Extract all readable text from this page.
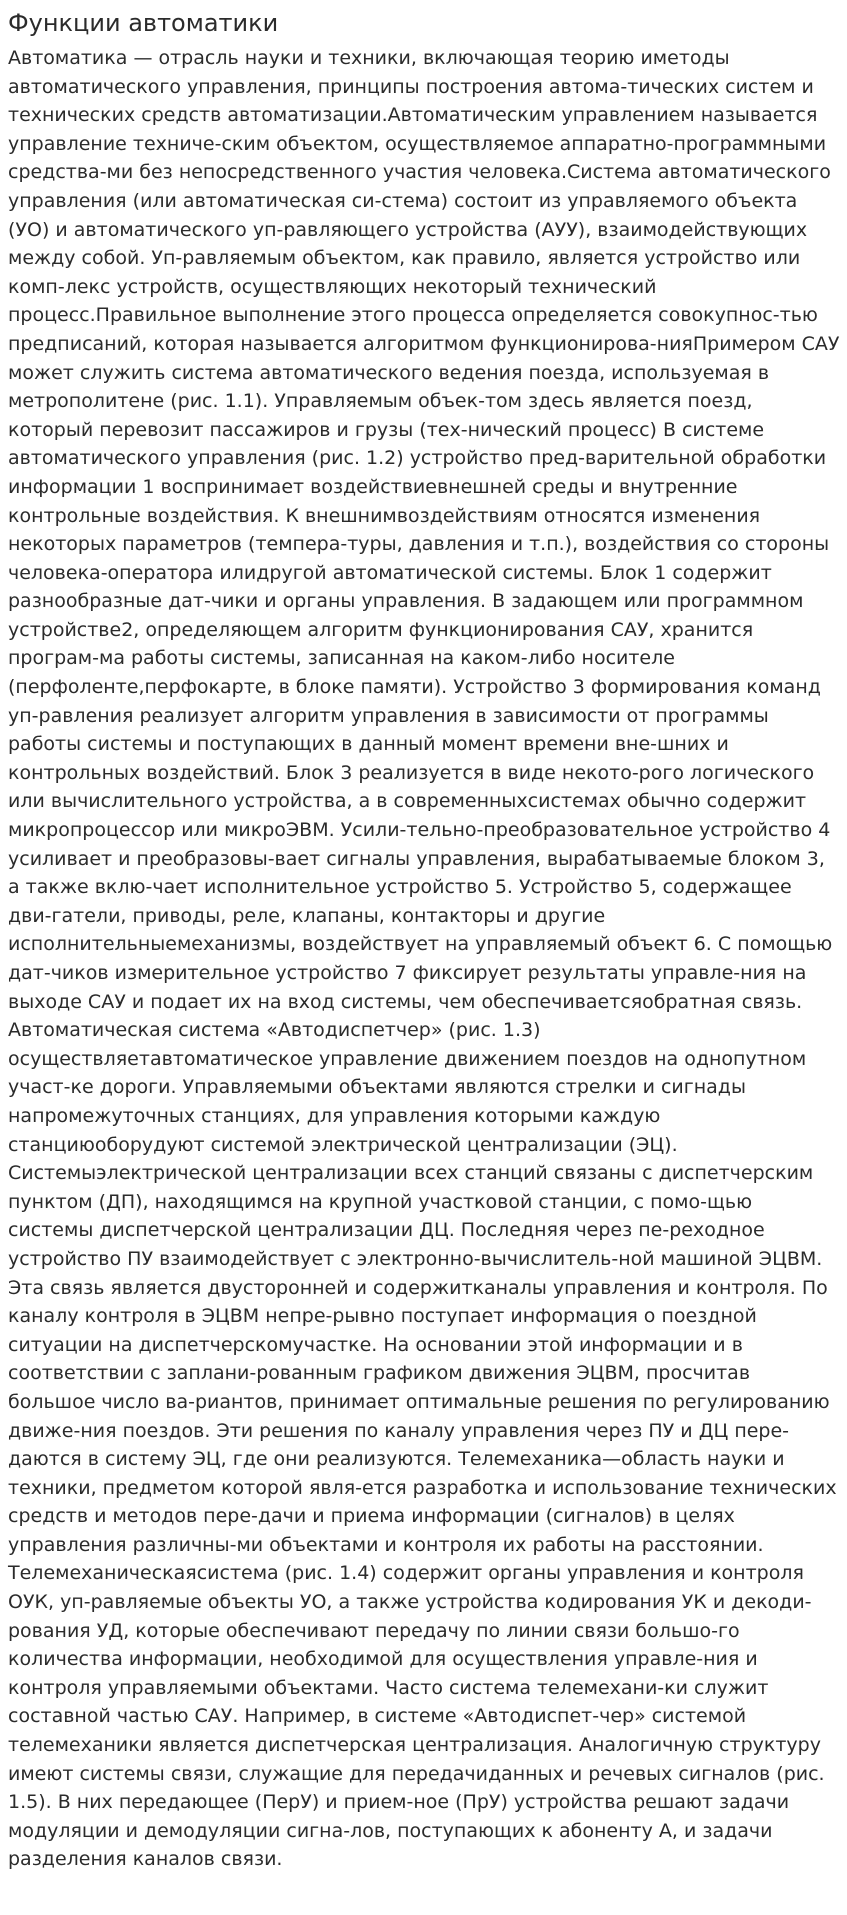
Функции автоматики

Автоматика — отрасль науки и техники, включающая теорию иметоды
автоматического управления, принципы построения автома-тических систем и
технических средств автоматизации.Автоматическим управлением называется
управление техниче-ским объектом, осуществляемое аппаратно-программными
средства-ми без непосредственного участия человека.Система автоматического
управления (или автоматическая си-стема) состоит из управляемого объекта
(УО) и автоматического уп-равляющего устройства (АУУ), взаимодействующих
между собой. Уп-равляемым объектом, как правило, является устройство или
комп-лекс устройств, осуществляющих некоторый технический
процесс.Правильное выполнение этого процесса определяется совокупнос-тью
предписаний, которая называется алгоритмом функционирова-нияПримером САУ
может служить система автоматического ведения поезда, используемая в
метрополитене (рис. 1.1). Управляемым объек-том здесь является поезд,
который перевозит пассажиров и грузы (тех-нический процесс) В системе
автоматического управления (рис. 1.2) устройство пред-варительной обработки
информации 1 воспринимает воздействиевнешней среды и внутренние
контрольные воздействия. К внешнимвоздействиям относятся изменения
некоторых параметров (темпера-туры, давления и т.п.), воздействия со стороны
человека-оператора илидругой автоматической системы. Блок 1 содержит
разнообразные дат-чики и органы управления. В задающем или программном
устройстве2, определяющем алгоритм функционирования САУ, хранится
програм-ма работы системы, записанная на каком-либо носителе
(перфоленте,перфокарте, в блоке памяти). Устройство 3 формирования команд
уп-равления реализует алгоритм управления в зависимости от программы
работы системы и поступающих в данный момент времени вне-шних и
контрольных воздействий. Блок 3 реализуется в виде некото-рого логического
или вычислительного устройства, а в современныхсистемах обычно содержит
микропроцессор или микроЭВМ. Усили-тельно-преобразовательное устройство 4
усиливает и преобразовы-вает сигналы управления, вырабатываемые блоком 3,
а также вклю-чает исполнительное устройство 5. Устройство 5, содержащее
дви-гатели, приводы, реле, клапаны, контакторы и другие
исполнительныемеханизмы, воздействует на управляемый объект 6. С помощью
дат-чиков измерительное устройство 7 фиксирует результаты управле-ния на
выходе САУ и подает их на вход системы, чем обеспечиваетсяобратная связь.
Автоматическая система «Автодиспетчер» (рис. 1.3)
осуществляетавтоматическое управление движением поездов на однопутном
участ-ке дороги. Управляемыми объектами являются стрелки и сигнады
напромежуточных станциях, для управления которыми каждую
станциюоборудуют системой электрической централизации (ЭЦ).
Системыэлектрической централизации всех станций связаны с диспетчерским
пунктом (ДП), находящимся на крупной участковой станции, с помо-щью
системы диспетчерской централизации ДЦ. Последняя через пе-реходное
устройство ПУ взаимодействует с электронно-вычислитель-ной машиной ЭЦВМ.
Эта связь является двусторонней и содержитканалы управления и контроля. По
каналу контроля в ЭЦВМ непре-рывно поступает информация о поездной
ситуации на диспетчерскомучастке. На основании этой информации и в
соответствии с заплани-рованным графиком движения ЭЦВМ, просчитав
большое число ва-риантов, принимает оптимальные решения по регулированию
движе-ния поездов. Эти решения по каналу управления через ПУ и ДЦ пере-
даются в систему ЭЦ, где они реализуются. Телемеханика—область науки и
техники, предметом которой явля-ется разработка и использование технических
средств и методов пере-дачи и приема информации (сигналов) в целях
управления различны-ми объектами и контроля их работы на расстоянии.
Телемеханическаясистема (рис. 1.4) содержит органы управления и контроля
ОУК, уп-равляемые объекты УО, а также устройства кодирования УК и декоди-
рования УД, которые обеспечивают передачу по линии связи большо-го
количества информации, необходимой для осуществления управле-ния и
контроля управляемыми объектами. Часто система телемехани-ки служит
составной частью САУ. Например, в системе «Автодиспет-чер» системой
телемеханики является диспетчерская централизация. Аналогичную структуру
имеют системы связи, служащие для передачиданных и речевых сигналов (рис.
1.5). В них передающее (ПерУ) и прием-ное (ПрУ) устройства решают задачи
модуляции и демодуляции сигна-лов, поступающих к абоненту А, и задачи
разделения каналов связи.
